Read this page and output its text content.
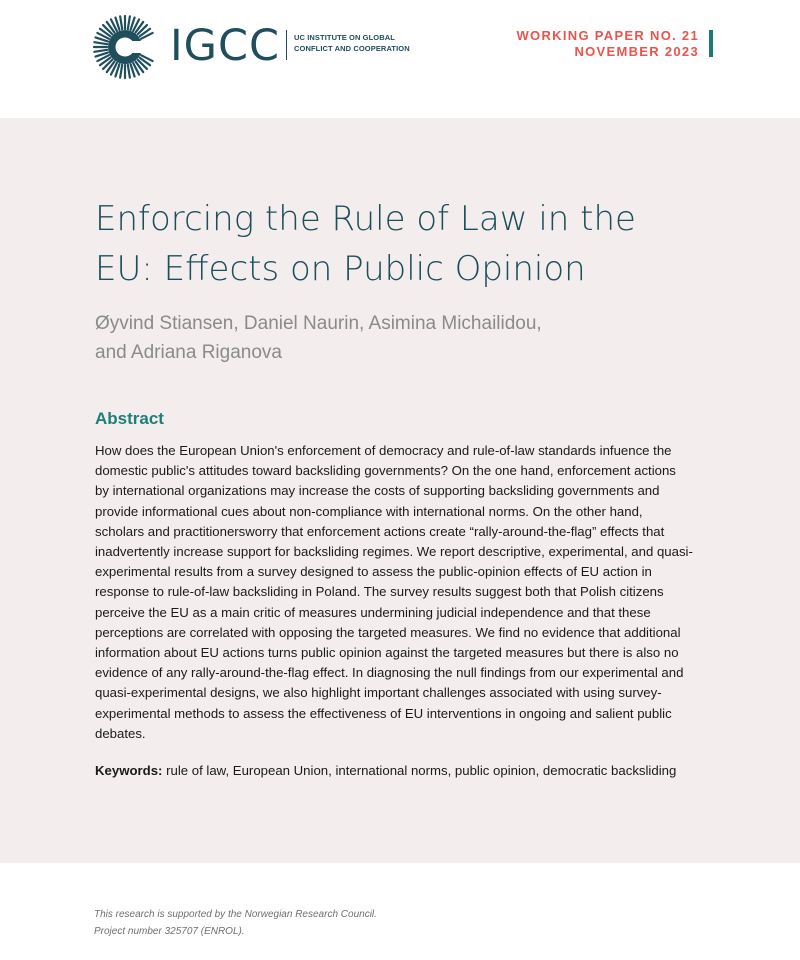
IGCC UC INSTITUTE ON GLOBAL
CONFLICT AND COOPERATION
WORKING PAPER NO. 21
NOVEMBER 2023
Enforcing the Rule of Law in the
EU: Effects on Public Opinion
Øyvind Stiansen, Daniel Naurin, Asimina Michailidou,
and Adriana Riganova
Abstract

How does the European Union's enforcement of democracy and rule-of-law standards infuence the
domestic public's attitudes toward backsliding governments? On the one hand, enforcement actions
by international organizations may increase the costs of supporting backsliding governments and
provide informational cues about non-compliance with international norms. On the other hand,
scholars and practitionersworry that enforcement actions create “rally-around-the-flag” effects that
inadvertently increase support for backsliding regimes. We report descriptive, experimental, and quasi-
experimental results from a survey designed to assess the public-opinion effects of EU action in
response to rule-of-law backsliding in Poland. The survey results suggest both that Polish citizens
perceive the EU as a main critic of measures undermining judicial independence and that these
perceptions are correlated with opposing the targeted measures. We find no evidence that additional
information about EU actions turns public opinion against the targeted measures but there is also no
evidence of any rally-around-the-flag effect. In diagnosing the null findings from our experimental and
quasi-experimental designs, we also highlight important challenges associated with using survey-
experimental methods to assess the effectiveness of EU interventions in ongoing and salient public
debates.

Keywords: rule of law, European Union, international norms, public opinion, democratic backsliding
This research is supported by the Norwegian Research Council.
Project number 325707 (ENROL).
